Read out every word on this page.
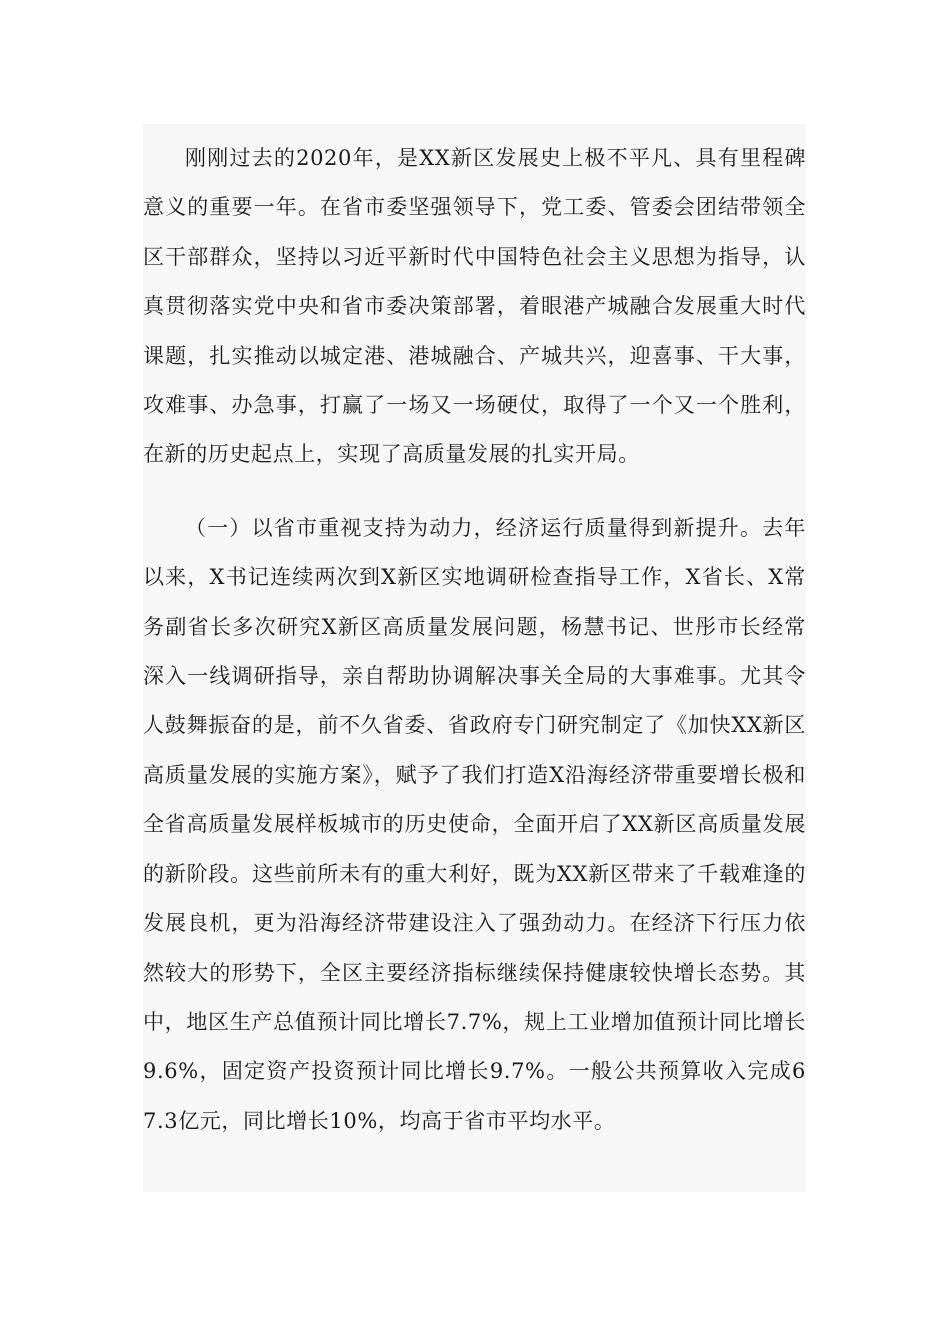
刚刚过去的2020年，是XX新区发展史上极不平凡、具有里程碑意义的重要一年。在省市委坚强领导下，党工委、管委会团结带领全区干部群众，坚持以习近平新时代中国特色社会主义思想为指导，认真贯彻落实党中央和省市委决策部署，着眼港产城融合发展重大时代课题，扎实推动以城定港、港城融合、产城共兴，迎喜事、干大事，攻难事、办急事，打赢了一场又一场硬仗，取得了一个又一个胜利，在新的历史起点上，实现了高质量发展的扎实开局。

（一）以省市重视支持为动力，经济运行质量得到新提升。去年以来，X书记连续两次到X新区实地调研检查指导工作，X省长、X常务副省长多次研究X新区高质量发展问题，杨慧书记、世彤市长经常深入一线调研指导，亲自帮助协调解决事关全局的大事难事。尤其令人鼓舞振奋的是，前不久省委、省政府专门研究制定了《加快XX新区高质量发展的实施方案》，赋予了我们打造X沿海经济带重要增长极和全省高质量发展样板城市的历史使命，全面开启了XX新区高质量发展的新阶段。这些前所未有的重大利好，既为XX新区带来了千载难逢的发展良机，更为沿海经济带建设注入了强劲动力。在经济下行压力依然较大的形势下，全区主要经济指标继续保持健康较快增长态势。其中，地区生产总值预计同比增长7.7%，规上工业增加值预计同比增长9.6%，固定资产投资预计同比增长9.7%。一般公共预算收入完成67.3亿元，同比增长10%，均高于省市平均水平。
